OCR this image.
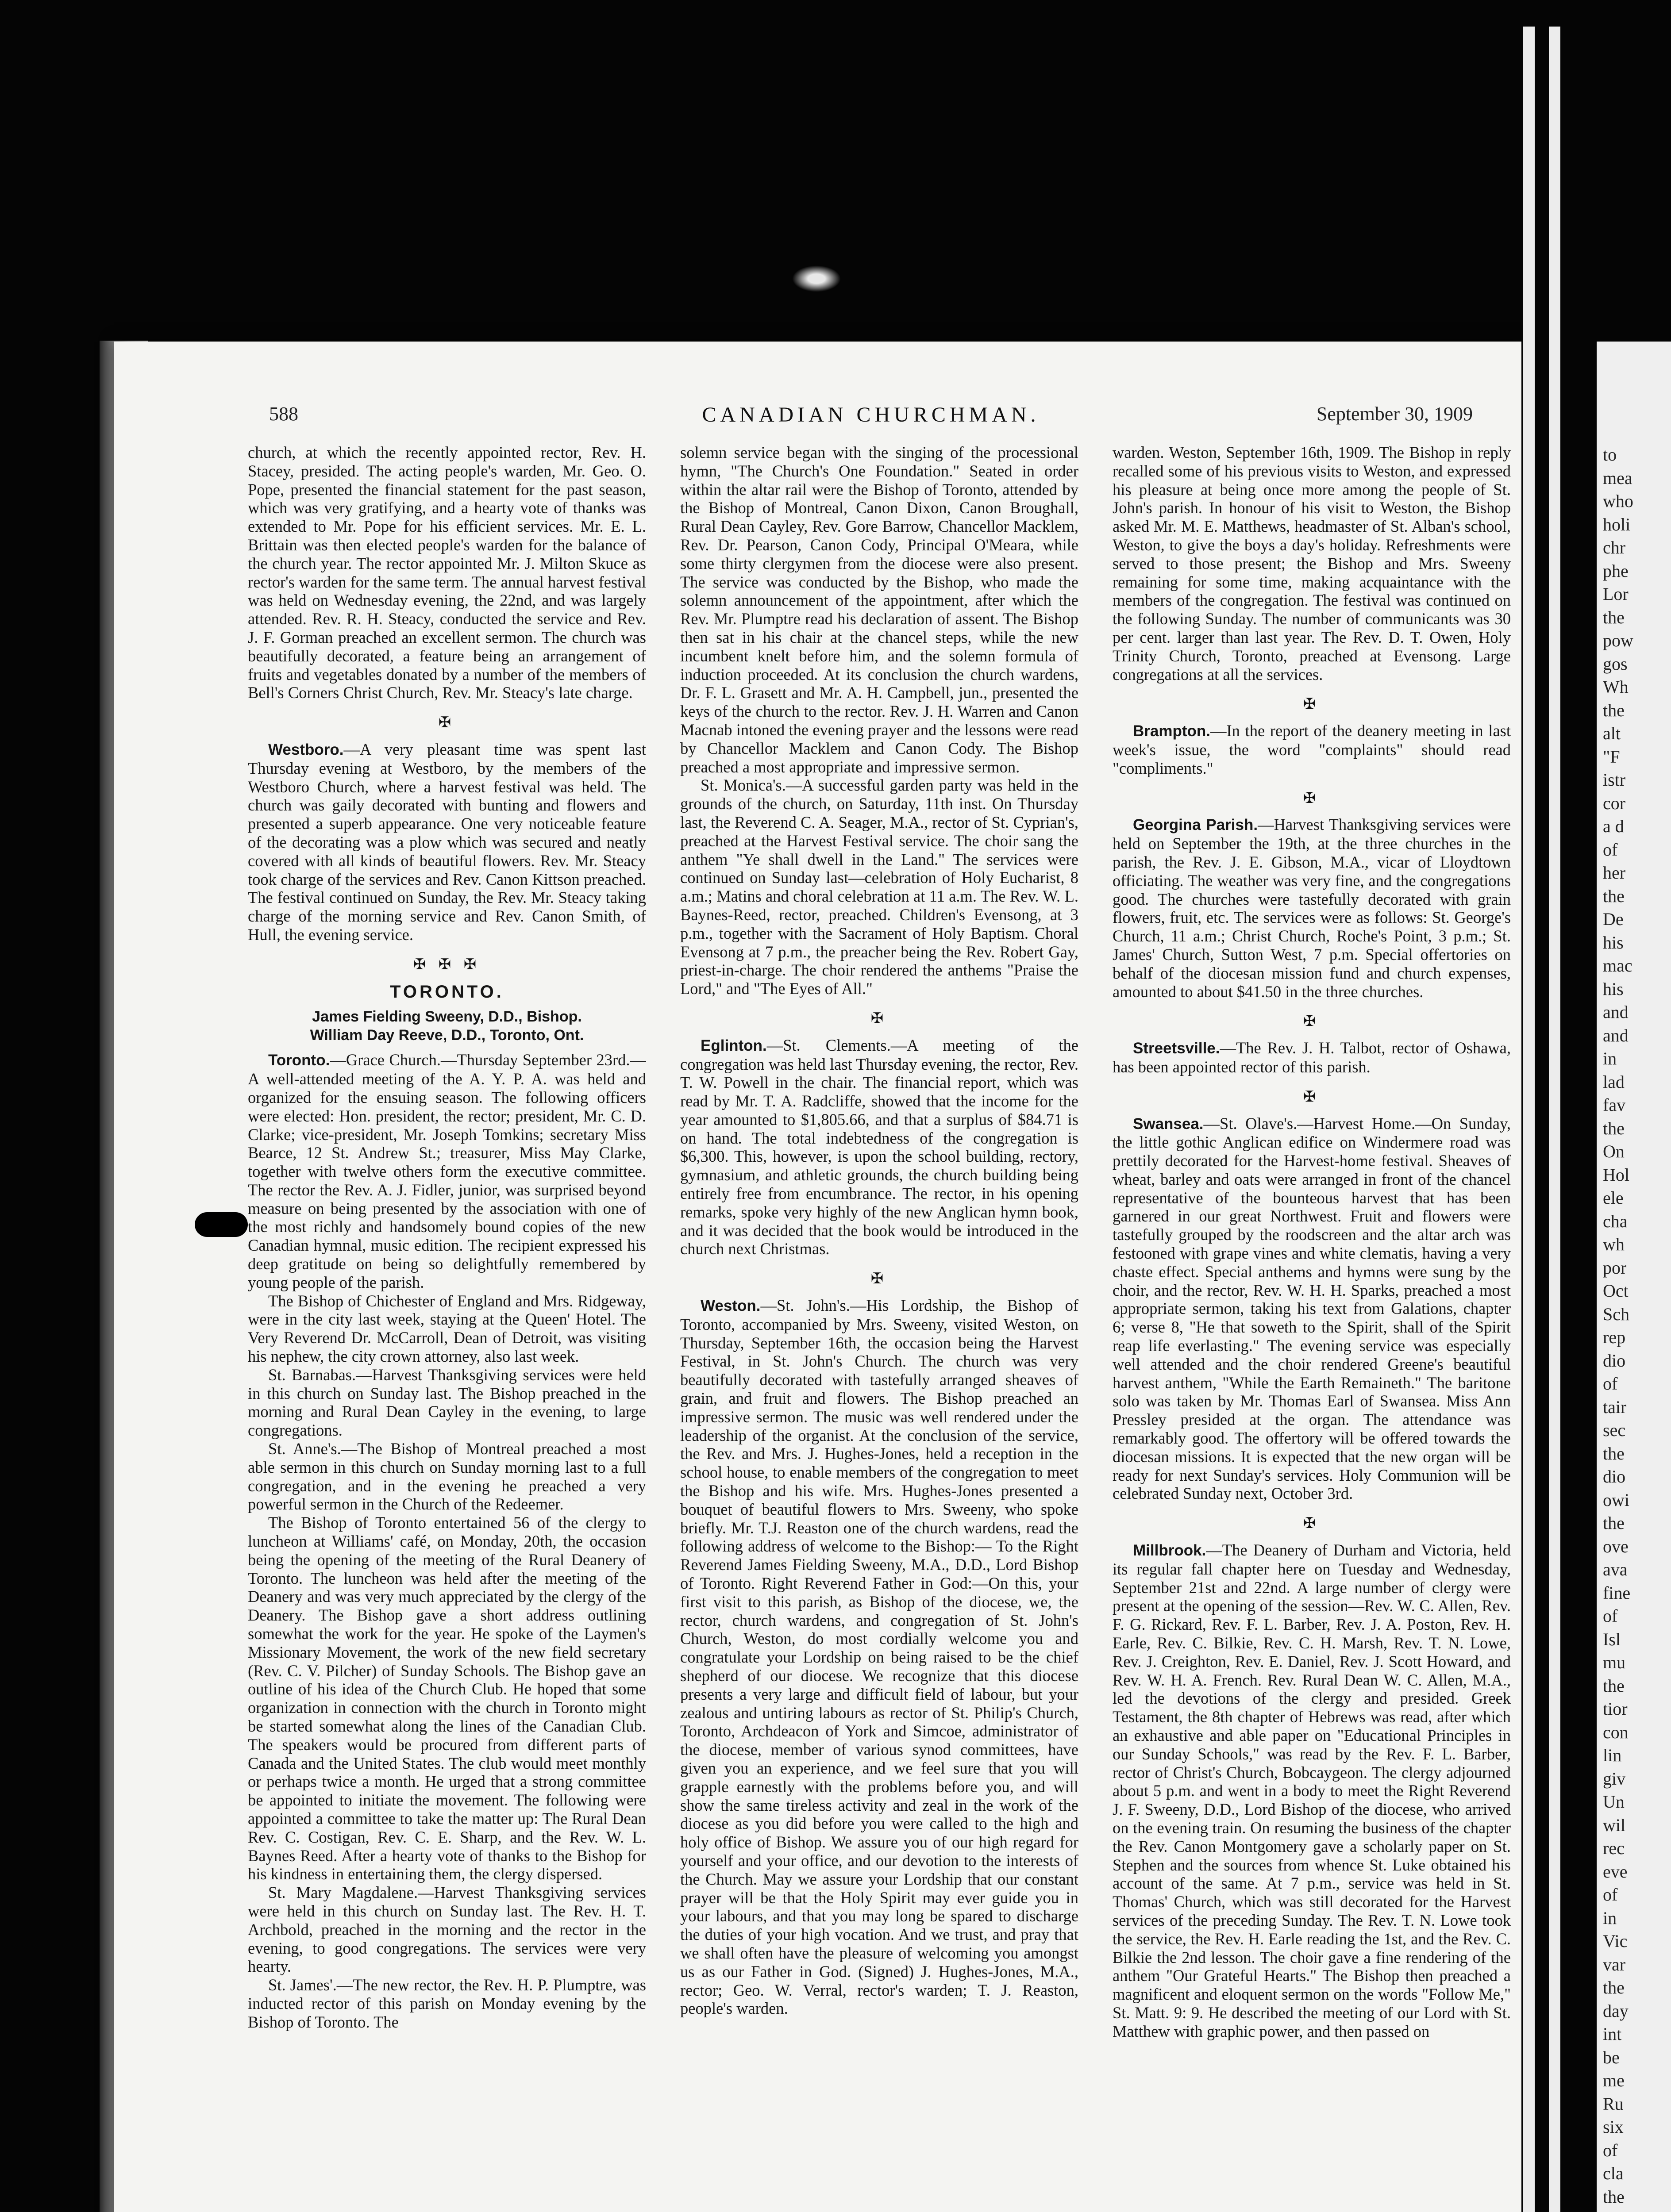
588	CANADIAN CHURCHMAN.	September 30, 1909

church, at which the recently appointed rector, Rev. H. Stacey, presided. The acting people's warden, Mr. Geo. O. Pope, presented the financial statement for the past season, which was very gratifying, and a hearty vote of thanks was extended to Mr. Pope for his efficient services. Mr. E. L. Brittain was then elected people's warden for the balance of the church year. The rector appointed Mr. J. Milton Skuce as rector's warden for the same term. The annual harvest festival was held on Wednesday evening, the 22nd, and was largely attended. Rev. R. H. Steacy, conducted the service and Rev. J. F. Gorman preached an excellent sermon. The church was beautifully decorated, a feature being an arrangement of fruits and vegetables donated by a number of the members of Bell's Corners Christ Church, Rev. Mr. Steacy's late charge.

✠

Westboro.—A very pleasant time was spent last Thursday evening at Westboro, by the members of the Westboro Church, where a harvest festival was held. The church was gaily decorated with bunting and flowers and presented a superb appearance. One very noticeable feature of the decorating was a plow which was secured and neatly covered with all kinds of beautiful flowers. Rev. Mr. Steacy took charge of the services and Rev. Canon Kittson preached. The festival continued on Sunday, the Rev. Mr. Steacy taking charge of the morning service and Rev. Canon Smith, of Hull, the evening service.

✠ ✠ ✠
TORONTO.
James Fielding Sweeny, D.D., Bishop.
William Day Reeve, D.D., Toronto, Ont.

Toronto.—Grace Church.—Thursday September 23rd.—A well-attended meeting of the A. Y. P. A. was held and organized for the ensuing season. The following officers were elected: Hon. president, the rector; president, Mr. C. D. Clarke; vice-president, Mr. Joseph Tomkins; secretary Miss Bearce, 12 St. Andrew St.; treasurer, Miss May Clarke, together with twelve others form the executive committee. The rector the Rev. A. J. Fidler, junior, was surprised beyond measure on being presented by the association with one of the most richly and handsomely bound copies of the new Canadian hymnal, music edition. The recipient expressed his deep gratitude on being so delightfully remembered by young people of the parish.

The Bishop of Chichester of England and Mrs. Ridgeway, were in the city last week, staying at the Queen' Hotel. The Very Reverend Dr. McCarroll, Dean of Detroit, was visiting his nephew, the city crown attorney, also last week.

St. Barnabas.—Harvest Thanksgiving services were held in this church on Sunday last. The Bishop preached in the morning and Rural Dean Cayley in the evening, to large congregations.

St. Anne's.—The Bishop of Montreal preached a most able sermon in this church on Sunday morning last to a full congregation, and in the evening he preached a very powerful sermon in the Church of the Redeemer.

The Bishop of Toronto entertained 56 of the clergy to luncheon at Williams' café, on Monday, 20th, the occasion being the opening of the meeting of the Rural Deanery of Toronto. The luncheon was held after the meeting of the Deanery and was very much appreciated by the clergy of the Deanery. The Bishop gave a short address outlining somewhat the work for the year. He spoke of the Laymen's Missionary Movement, the work of the new field secretary (Rev. C. V. Pilcher) of Sunday Schools. The Bishop gave an outline of his idea of the Church Club. He hoped that some organization in connection with the church in Toronto might be started somewhat along the lines of the Canadian Club. The speakers would be procured from different parts of Canada and the United States. The club would meet monthly or perhaps twice a month. He urged that a strong committee be appointed to initiate the movement. The following were appointed a committee to take the matter up: The Rural Dean Rev. C. Costigan, Rev. C. E. Sharp, and the Rev. W. L. Baynes Reed. After a hearty vote of thanks to the Bishop for his kindness in entertaining them, the clergy dispersed.

St. Mary Magdalene.—Harvest Thanksgiving services were held in this church on Sunday last. The Rev. H. T. Archbold, preached in the morning and the rector in the evening, to good congregations. The services were very hearty.

St. James'.—The new rector, the Rev. H. P. Plumptre, was inducted rector of this parish on Monday evening by the Bishop of Toronto. The

solemn service began with the singing of the processional hymn, "The Church's One Foundation." Seated in order within the altar rail were the Bishop of Toronto, attended by the Bishop of Montreal, Canon Dixon, Canon Broughall, Rural Dean Cayley, Rev. Gore Barrow, Chancellor Macklem, Rev. Dr. Pearson, Canon Cody, Principal O'Meara, while some thirty clergymen from the diocese were also present. The service was conducted by the Bishop, who made the solemn announcement of the appointment, after which the Rev. Mr. Plumptre read his declaration of assent. The Bishop then sat in his chair at the chancel steps, while the new incumbent knelt before him, and the solemn formula of induction proceeded. At its conclusion the church wardens, Dr. F. L. Grasett and Mr. A. H. Campbell, jun., presented the keys of the church to the rector. Rev. J. H. Warren and Canon Macnab intoned the evening prayer and the lessons were read by Chancellor Macklem and Canon Cody. The Bishop preached a most appropriate and impressive sermon.

St. Monica's.—A successful garden party was held in the grounds of the church, on Saturday, 11th inst. On Thursday last, the Reverend C. A. Seager, M.A., rector of St. Cyprian's, preached at the Harvest Festival service. The choir sang the anthem "Ye shall dwell in the Land." The services were continued on Sunday last—celebration of Holy Eucharist, 8 a.m.; Matins and choral celebration at 11 a.m. The Rev. W. L. Baynes-Reed, rector, preached. Children's Evensong, at 3 p.m., together with the Sacrament of Holy Baptism. Choral Evensong at 7 p.m., the preacher being the Rev. Robert Gay, priest-in-charge. The choir rendered the anthems "Praise the Lord," and "The Eyes of All."

✠

Eglinton.—St. Clements.—A meeting of the congregation was held last Thursday evening, the rector, Rev. T. W. Powell in the chair. The financial report, which was read by Mr. T. A. Radcliffe, showed that the income for the year amounted to $1,805.66, and that a surplus of $84.71 is on hand. The total indebtedness of the congregation is $6,300. This, however, is upon the school building, rectory, gymnasium, and athletic grounds, the church building being entirely free from encumbrance. The rector, in his opening remarks, spoke very highly of the new Anglican hymn book, and it was decided that the book would be introduced in the church next Christmas.

✠

Weston.—St. John's.—His Lordship, the Bishop of Toronto, accompanied by Mrs. Sweeny, visited Weston, on Thursday, September 16th, the occasion being the Harvest Festival, in St. John's Church. The church was very beautifully decorated with tastefully arranged sheaves of grain, and fruit and flowers. The Bishop preached an impressive sermon. The music was well rendered under the leadership of the organist. At the conclusion of the service, the Rev. and Mrs. J. Hughes-Jones, held a reception in the school house, to enable members of the congregation to meet the Bishop and his wife. Mrs. Hughes-Jones presented a bouquet of beautiful flowers to Mrs. Sweeny, who spoke briefly. Mr. T.J. Reaston one of the church wardens, read the following address of welcome to the Bishop:— To the Right Reverend James Fielding Sweeny, M.A., D.D., Lord Bishop of Toronto. Right Reverend Father in God:—On this, your first visit to this parish, as Bishop of the diocese, we, the rector, church wardens, and congregation of St. John's Church, Weston, do most cordially welcome you and congratulate your Lordship on being raised to be the chief shepherd of our diocese. We recognize that this diocese presents a very large and difficult field of labour, but your zealous and untiring labours as rector of St. Philip's Church, Toronto, Archdeacon of York and Simcoe, administrator of the diocese, member of various synod committees, have given you an experience, and we feel sure that you will grapple earnestly with the problems before you, and will show the same tireless activity and zeal in the work of the diocese as you did before you were called to the high and holy office of Bishop. We assure you of our high regard for yourself and your office, and our devotion to the interests of the Church. May we assure your Lordship that our constant prayer will be that the Holy Spirit may ever guide you in your labours, and that you may long be spared to discharge the duties of your high vocation. And we trust, and pray that we shall often have the pleasure of welcoming you amongst us as our Father in God. (Signed) J. Hughes-Jones, M.A., rector; Geo. W. Verral, rector's warden; T. J. Reaston, people's warden.

warden. Weston, September 16th, 1909. The Bishop in reply recalled some of his previous visits to Weston, and expressed his pleasure at being once more among the people of St. John's parish. In honour of his visit to Weston, the Bishop asked Mr. M. E. Matthews, headmaster of St. Alban's school, Weston, to give the boys a day's holiday. Refreshments were served to those present; the Bishop and Mrs. Sweeny remaining for some time, making acquaintance with the members of the congregation. The festival was continued on the following Sunday. The number of communicants was 30 per cent. larger than last year. The Rev. D. T. Owen, Holy Trinity Church, Toronto, preached at Evensong. Large congregations at all the services.

✠

Brampton.—In the report of the deanery meeting in last week's issue, the word "complaints" should read "compliments."

✠

Georgina Parish.—Harvest Thanksgiving services were held on September the 19th, at the three churches in the parish, the Rev. J. E. Gibson, M.A., vicar of Lloydtown officiating. The weather was very fine, and the congregations good. The churches were tastefully decorated with grain flowers, fruit, etc. The services were as follows: St. George's Church, 11 a.m.; Christ Church, Roche's Point, 3 p.m.; St. James' Church, Sutton West, 7 p.m. Special offertories on behalf of the diocesan mission fund and church expenses, amounted to about $41.50 in the three churches.

✠

Streetsville.—The Rev. J. H. Talbot, rector of Oshawa, has been appointed rector of this parish.

✠

Swansea.—St. Olave's.—Harvest Home.—On Sunday, the little gothic Anglican edifice on Windermere road was prettily decorated for the Harvest-home festival. Sheaves of wheat, barley and oats were arranged in front of the chancel representative of the bounteous harvest that has been garnered in our great Northwest. Fruit and flowers were tastefully grouped by the roodscreen and the altar arch was festooned with grape vines and white clematis, having a very chaste effect. Special anthems and hymns were sung by the choir, and the rector, Rev. W. H. H. Sparks, preached a most appropriate sermon, taking his text from Galations, chapter 6; verse 8, "He that soweth to the Spirit, shall of the Spirit reap life everlasting." The evening service was especially well attended and the choir rendered Greene's beautiful harvest anthem, "While the Earth Remaineth." The baritone solo was taken by Mr. Thomas Earl of Swansea. Miss Ann Pressley presided at the organ. The attendance was remarkably good. The offertory will be offered towards the diocesan missions. It is expected that the new organ will be ready for next Sunday's services. Holy Communion will be celebrated Sunday next, October 3rd.

✠

Millbrook.—The Deanery of Durham and Victoria, held its regular fall chapter here on Tuesday and Wednesday, September 21st and 22nd. A large number of clergy were present at the opening of the session—Rev. W. C. Allen, Rev. F. G. Rickard, Rev. F. L. Barber, Rev. J. A. Poston, Rev. H. Earle, Rev. C. Bilkie, Rev. C. H. Marsh, Rev. T. N. Lowe, Rev. J. Creighton, Rev. E. Daniel, Rev. J. Scott Howard, and Rev. W. H. A. French. Rev. Rural Dean W. C. Allen, M.A., led the devotions of the clergy and presided. Greek Testament, the 8th chapter of Hebrews was read, after which an exhaustive and able paper on "Educational Principles in our Sunday Schools," was read by the Rev. F. L. Barber, rector of Christ's Church, Bobcaygeon. The clergy adjourned about 5 p.m. and went in a body to meet the Right Reverend J. F. Sweeny, D.D., Lord Bishop of the diocese, who arrived on the evening train. On resuming the business of the chapter the Rev. Canon Montgomery gave a scholarly paper on St. Stephen and the sources from whence St. Luke obtained his account of the same. At 7 p.m., service was held in St. Thomas' Church, which was still decorated for the Harvest services of the preceding Sunday. The Rev. T. N. Lowe took the service, the Rev. H. Earle reading the 1st, and the Rev. C. Bilkie the 2nd lesson. The choir gave a fine rendering of the anthem "Our Grateful Hearts." The Bishop then preached a magnificent and eloquent sermon on the words "Follow Me," St. Matt. 9: 9. He described the meeting of our Lord with St. Matthew with graphic power, and then passed on

to
mea
who
holi
chr
phe
Lor
the
pow
gos
Wh
the
alt
"F
istr
cor
a d
of
her
the
De
his
mac
his
and
and
in
lad
fav
the
On
Hol
ele
cha
wh
por
Oct
Sch
rep
dio
of
tair
sec
the
dio
owi
the
ove
ava
fine
of
Isl
mu
the
tior
con
lin
giv
Un
wil
rec
eve
of
in
Vic
var
the
day
int
be
me
Ru
six
of
cla
the
